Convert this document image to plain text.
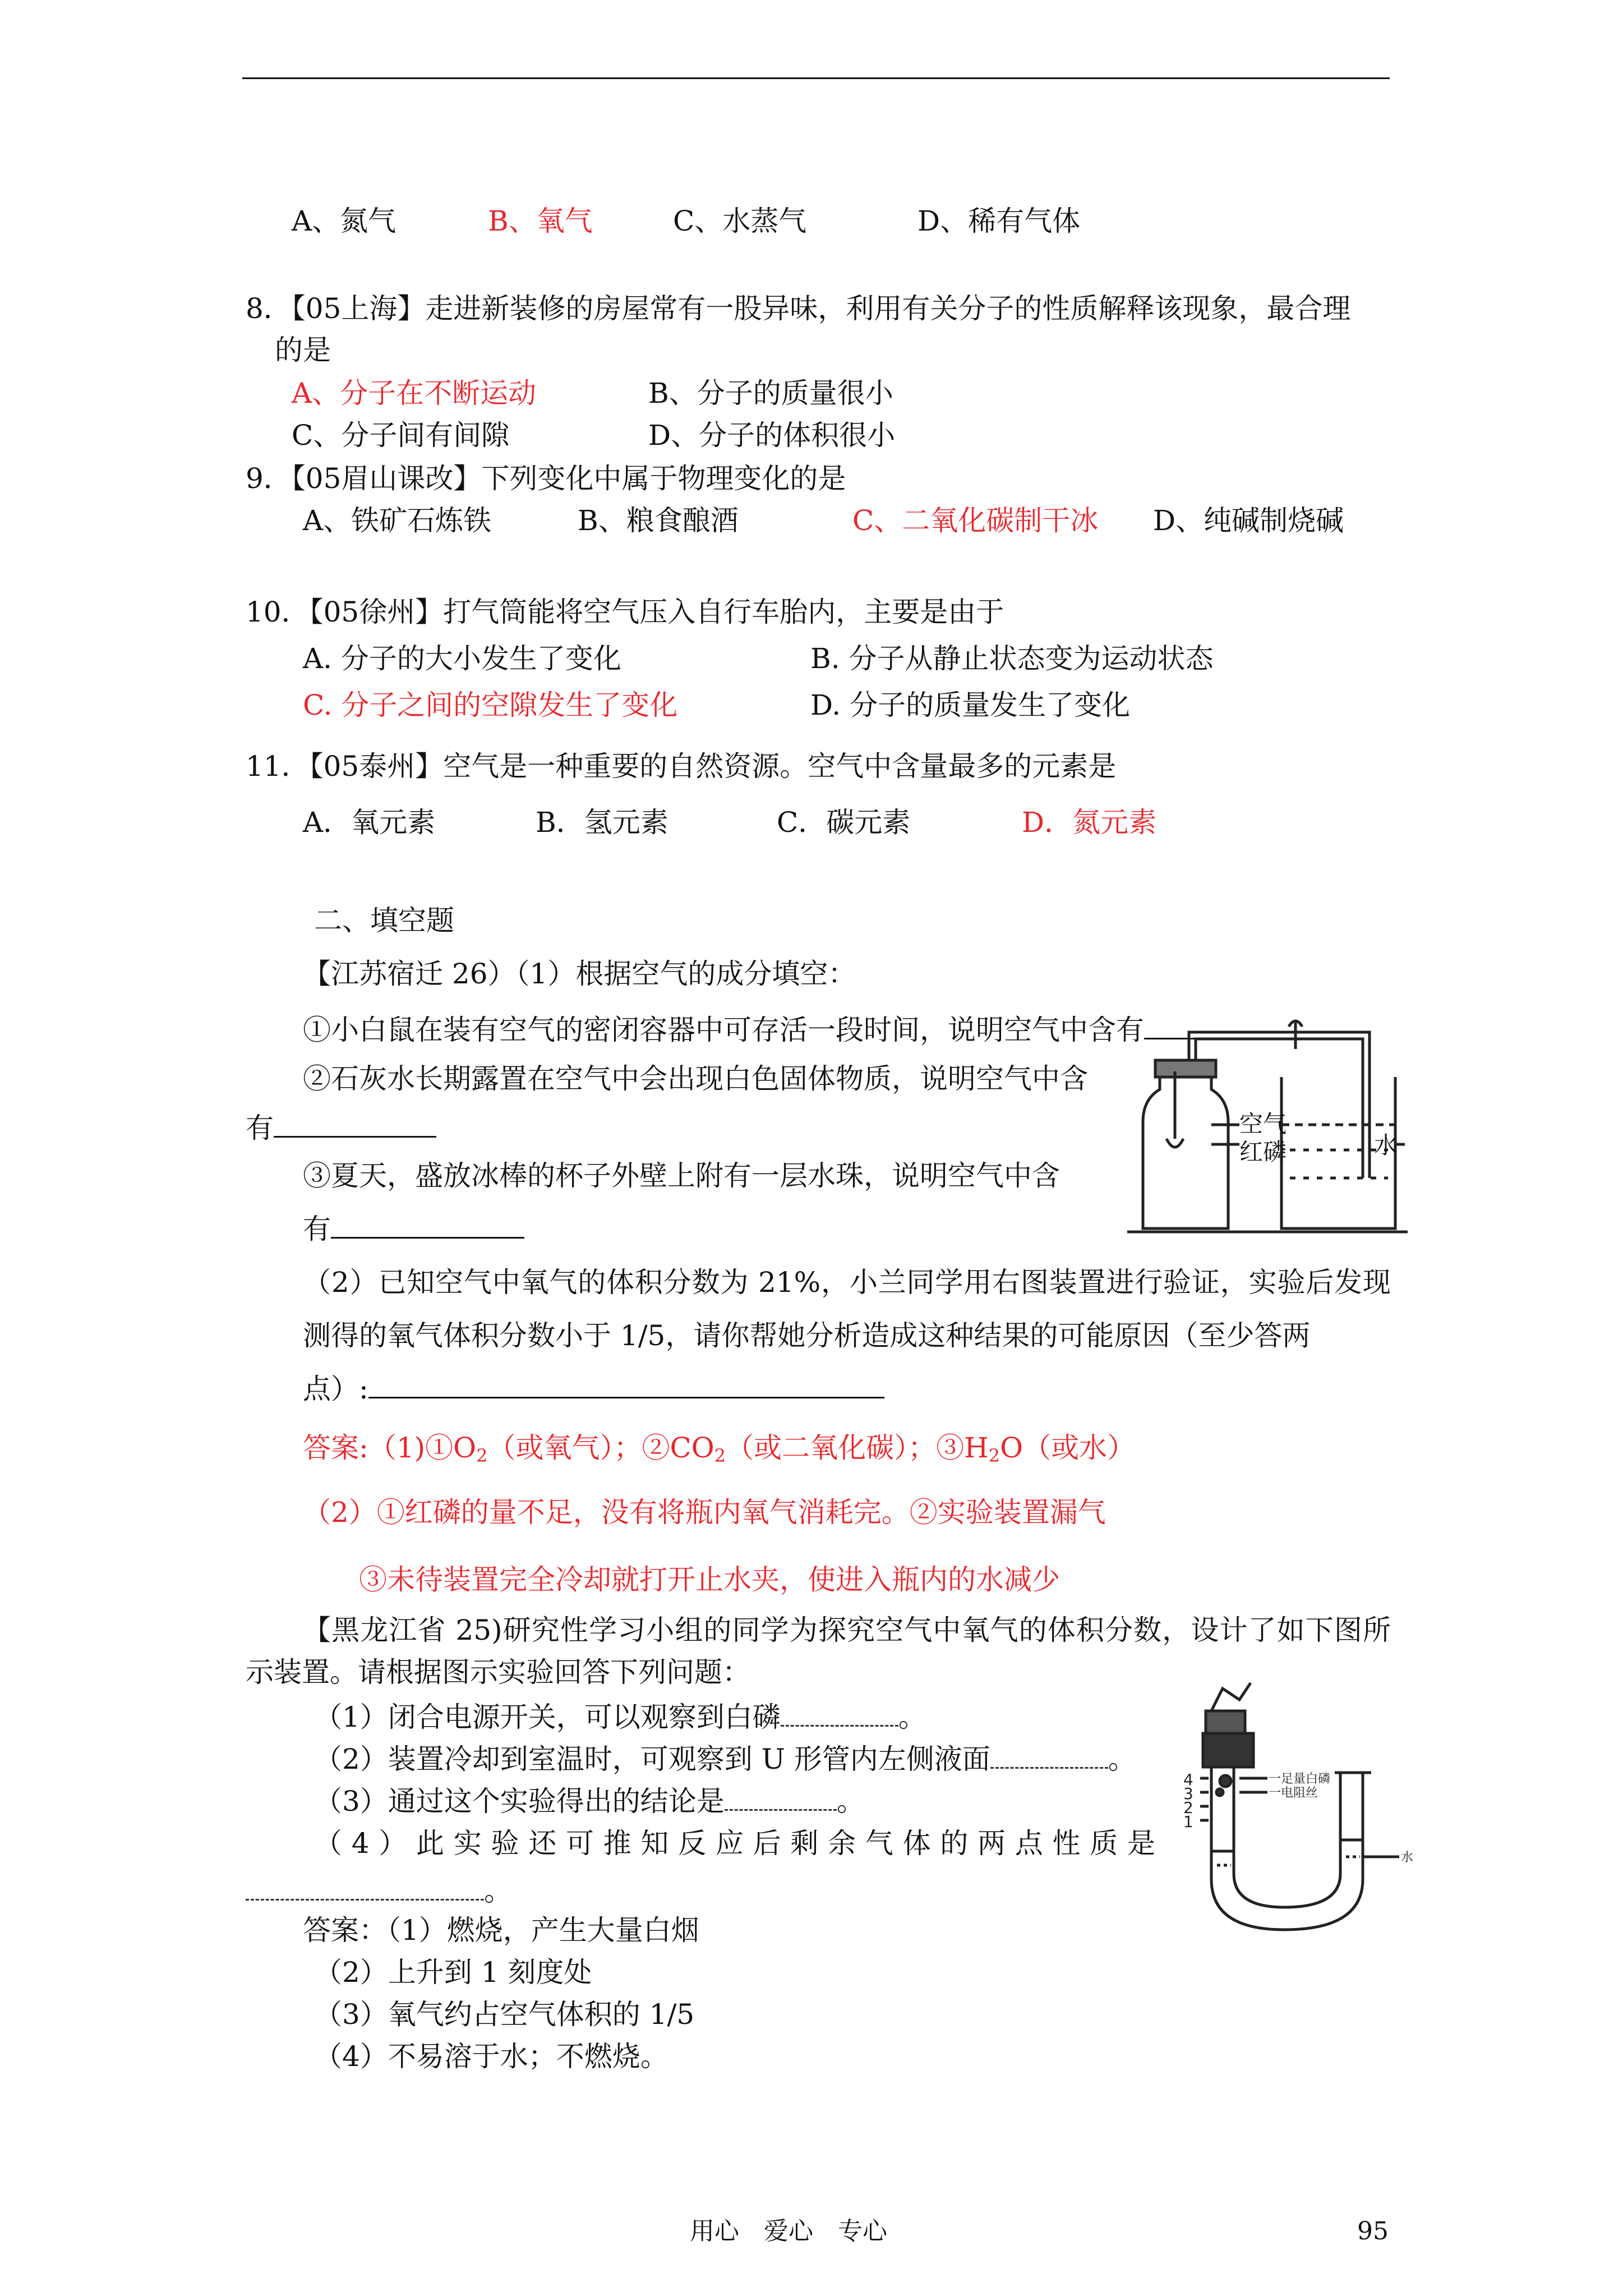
A、氮气	B、氧气	C、水蒸气	D、稀有气体
8．【05上海】走进新装修的房屋常有一股异味，利用有关分子的性质解释该现象，最合理
的是
A、分子在不断运动	B、分子的质量很小
C、分子间有间隙	D、分子的体积很小
9．【05眉山课改】下列变化中属于物理变化的是
A、铁矿石炼铁	B、粮食酿酒	C、二氧化碳制干冰 D、纯碱制烧碱
10．【05徐州】打气筒能将空气压入自行车胎内，主要是由于
A. 分子的大小发生了变化	B. 分子从静止状态变为运动状态
C. 分子之间的空隙发生了变化	D. 分子的质量发生了变化
11．【05泰州】空气是一种重要的自然资源。空气中含量最多的元素是
A．氧元素	B．氢元素	C．碳元素	D．氮元素
二、填空题
【江苏宿迁 26）（1）根据空气的成分填空：
①小白鼠在装有空气的密闭容器中可存活一段时间，说明空气中含有
②石灰水长期露置在空气中会出现白色固体物质，说明空气中含
有
③夏天，盛放冰棒的杯子外壁上附有一层水珠，说明空气中含
有
空气
红磷	水
（2）已知空气中氧气的体积分数为 21%，小兰同学用右图装置进行验证，实验后发现
测得的氧气体积分数小于 1/5，请你帮她分析造成这种结果的可能原因（至少答两
点）:
答案$:(1)①O_2$（或氧气）；$②CO_2$（或二氧化碳）；$③H_2O$（或水）
（2）①红磷的量不足，没有将瓶内氧气消耗完。②实验装置漏气
③未待装置完全冷却就打开止水夹，使进入瓶内的水减少
【黑龙江省 25)研究性学习小组的同学为探究空气中氧气的体积分数，设计了如下图所
示装置。请根据图示实验回答下列问题：
（1）闭合电源开关，可以观察到白磷	。
（2）装置冷却到室温时，可观察到 U 形管内左侧液面	。
（3）通过这个实验得出的结论是	。
（4）此实验还可推知反应后剩余气体的两点性质是
。
答案：（1）燃烧，产生大量白烟
（2）上升到 1 刻度处
（3）氧气约占空气体积的 1/5
（4）不易溶于水；不燃烧。
4
3
2
1
一足量白磷
一电阻丝
水
用心　爱心　专心	95
